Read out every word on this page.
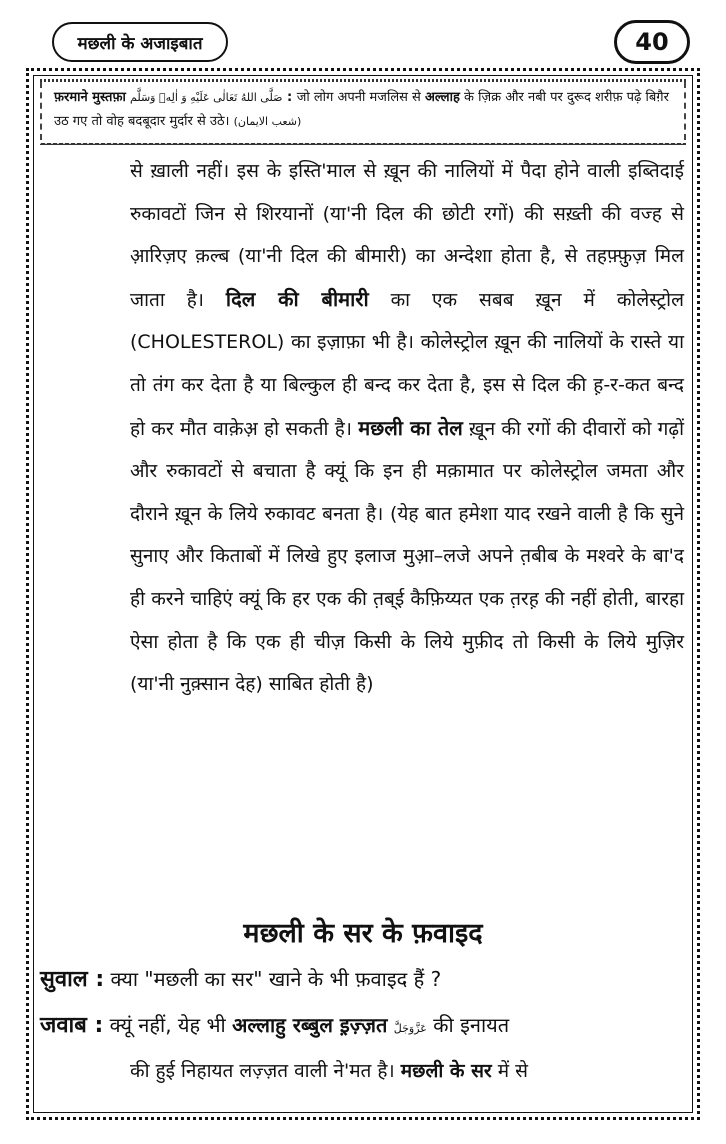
मछली के अजाइबात	40
फ़रमाने मुस्तफ़ा صَلَّى اللهُ تَعَالٰى عَلَيْهِ وَ اٰلِهٖ وَسَلَّم : जो लोग अपनी मजलिस से अल्लाह के ज़िक्र और नबी पर दुरूद शरीफ़ पढ़े बिग़ैर उठ गए तो वोह बदबूदार मुर्दार से उठे। (شعب الایمان)

से ख़ाली नहीं। इस के इस्ति'माल से ख़ून की नालियों में पैदा होने वाली इब्तिदाई रुकावटों जिन से शिरयानों (या'नी दिल की छोटी रगों) की सख़्ती की वज्ह से आ़रिज़ए क़ल्ब (या'नी दिल की बीमारी) का अन्देशा होता है, से तहफ़्फ़ुज़ मिल जाता है। दिल की बीमारी का एक सबब ख़ून में कोलेस्ट्रोल (CHOLESTEROL) का इज़ाफ़ा भी है। कोलेस्ट्रोल ख़ून की नालियों के रास्ते या तो तंग कर देता है या बिल्कुल ही बन्द कर देता है, इस से दिल की ह़-र-कत बन्द हो कर मौत वाक़ेअ़ हो सकती है। मछली का तेल ख़ून की रगों की दीवारों को गढ़ों और रुकावटों से बचाता है क्यूं कि इन ही मक़ामात पर कोलेस्ट्रोल जमता और दौराने ख़ून के लिये रुकावट बनता है। (येह बात हमेशा याद रखने वाली है कि सुने सुनाए और किताबों में लिखे हुए इलाज मुआ़–लजे अपने त़बीब के मश्वरे के बा'द ही करने चाहिएं क्यूं कि हर एक की त़ब्ई कैफ़िय्यत एक त़रह़ की नहीं होती, बारहा ऐसा होता है कि एक ही चीज़ किसी के लिये मुफ़ीद तो किसी के लिये मुज़िर (या'नी नुक़्सान देह) साबित होती है)

मछली के सर के फ़वाइद
सुवाल : क्या "मछली का सर" खाने के भी फ़वाइद हैं ?
जवाब : क्यूं नहीं, येह भी अल्लाहु रब्बुल इ़ज़्ज़त عَزَّوَجَلَّ की इनायत
की हुई निहायत लज़्ज़त वाली ने'मत है। मछली के सर में से
